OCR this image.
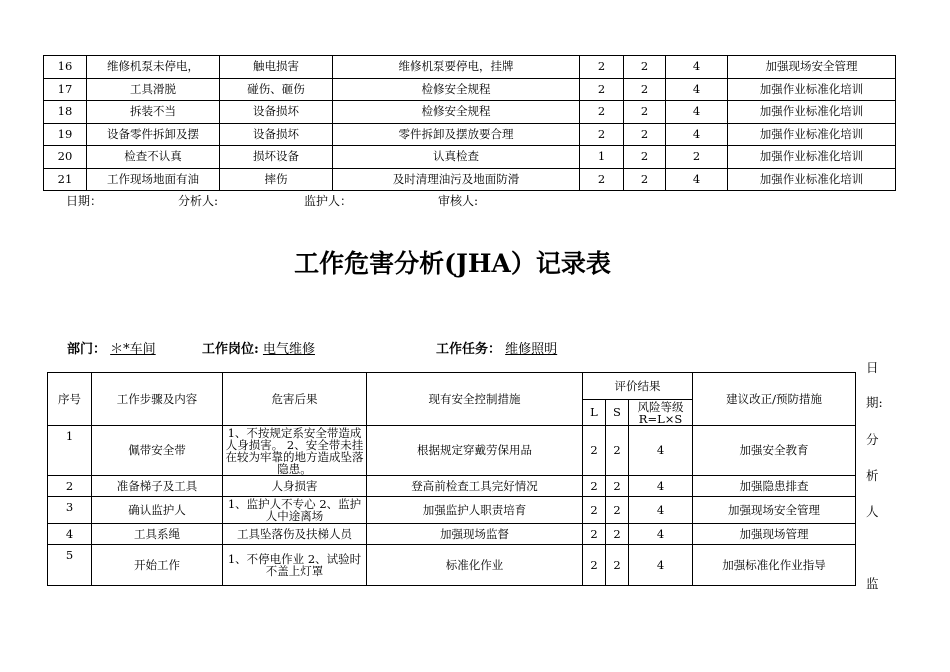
16	维修机泵未停电，	触电损害	维修机泵要停电，挂牌	2	2	4	加强现场安全管理
17	工具滑脱	碰伤、砸伤	检修安全规程	2	2	4	加强作业标准化培训
18	拆装不当	设备损坏	检修安全规程	2	2	4	加强作业标准化培训
19	设备零件拆卸及摆	设备损坏	零件拆卸及摆放要合理	2	2	4	加强作业标准化培训
20	检查不认真	损坏设备	认真检查	1	2	2	加强作业标准化培训
21	工作现场地面有油	摔伤	及时清理油污及地面防滑	2	2	4	加强作业标准化培训
日期：	分析人:	监护人：	审核人:
工作危害分析(JHA）记录表
部门： ＊*车间	工作岗位: 电气维修	工作任务： 维修照明
序号	工作步骤及内容	危害后果	现有安全控制措施	评价结果			建议改正/预防措施
				L	S	风险等级 R=L×S	
1	佩带安全带	1、不按规定系安全带造成人身损害。 2、安全带未挂在较为牢靠的地方造成坠落隐患。	根据规定穿戴劳保用品	2	2	4	加强安全教育
2	准备梯子及工具	人身损害	登高前检查工具完好情况	2	2	4	加强隐患排查
3	确认监护人	1、监护人不专心 2、监护人中途离场	加强监护人职责培育	2	2	4	加强现场安全管理
4	工具系绳	工具坠落伤及扶梯人员	加强现场监督	2	2	4	加强现场管理
5	开始工作	1、不停电作业 2、试验时不盖上灯罩	标准化作业	2	2	4	加强标准化作业指导
日
期:
分
析
人
监
